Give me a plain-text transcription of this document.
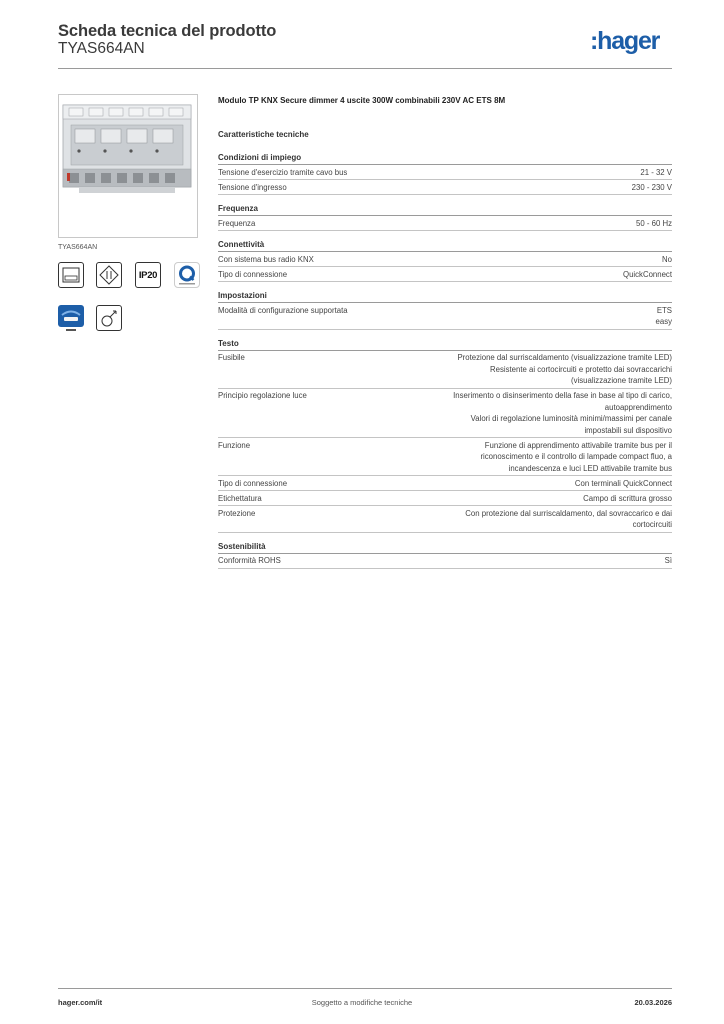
Scheda tecnica del prodotto
TYAS664AN	:hager
TYAS664AN
IP20
Modulo TP KNX Secure dimmer 4 uscite 300W combinabili 230V AC ETS 8M
Caratteristiche tecniche
Condizioni di impiego
Tensione d'esercizio tramite cavo bus	21 - 32 V
Tensione d'ingresso	230 - 230 V
Frequenza
Frequenza	50 - 60 Hz
Connettività
Con sistema bus radio KNX	No
Tipo di connessione	QuickConnect
Impostazioni
Modalità di configurazione supportata	ETS
easy
Testo
Fusibile	Protezione dal surriscaldamento (visualizzazione tramite LED)
Resistente ai cortocircuiti e protetto dai sovraccarichi
(visualizzazione tramite LED)
Principio regolazione luce	Inserimento o disinserimento della fase in base al tipo di carico,
autoapprendimento
Valori di regolazione luminosità minimi/massimi per canale
impostabili sul dispositivo
Funzione	Funzione di apprendimento attivabile tramite bus per il
riconoscimento e il controllo di lampade compact fluo, a
incandescenza e luci LED attivabile tramite bus
Tipo di connessione	Con terminali QuickConnect
Etichettatura	Campo di scrittura grosso
Protezione	Con protezione dal surriscaldamento, dal sovraccarico e dai
cortocircuiti
Sostenibilità
Conformità ROHS	Sì
hager.com/it	Soggetto a modifiche tecniche	20.03.2026
